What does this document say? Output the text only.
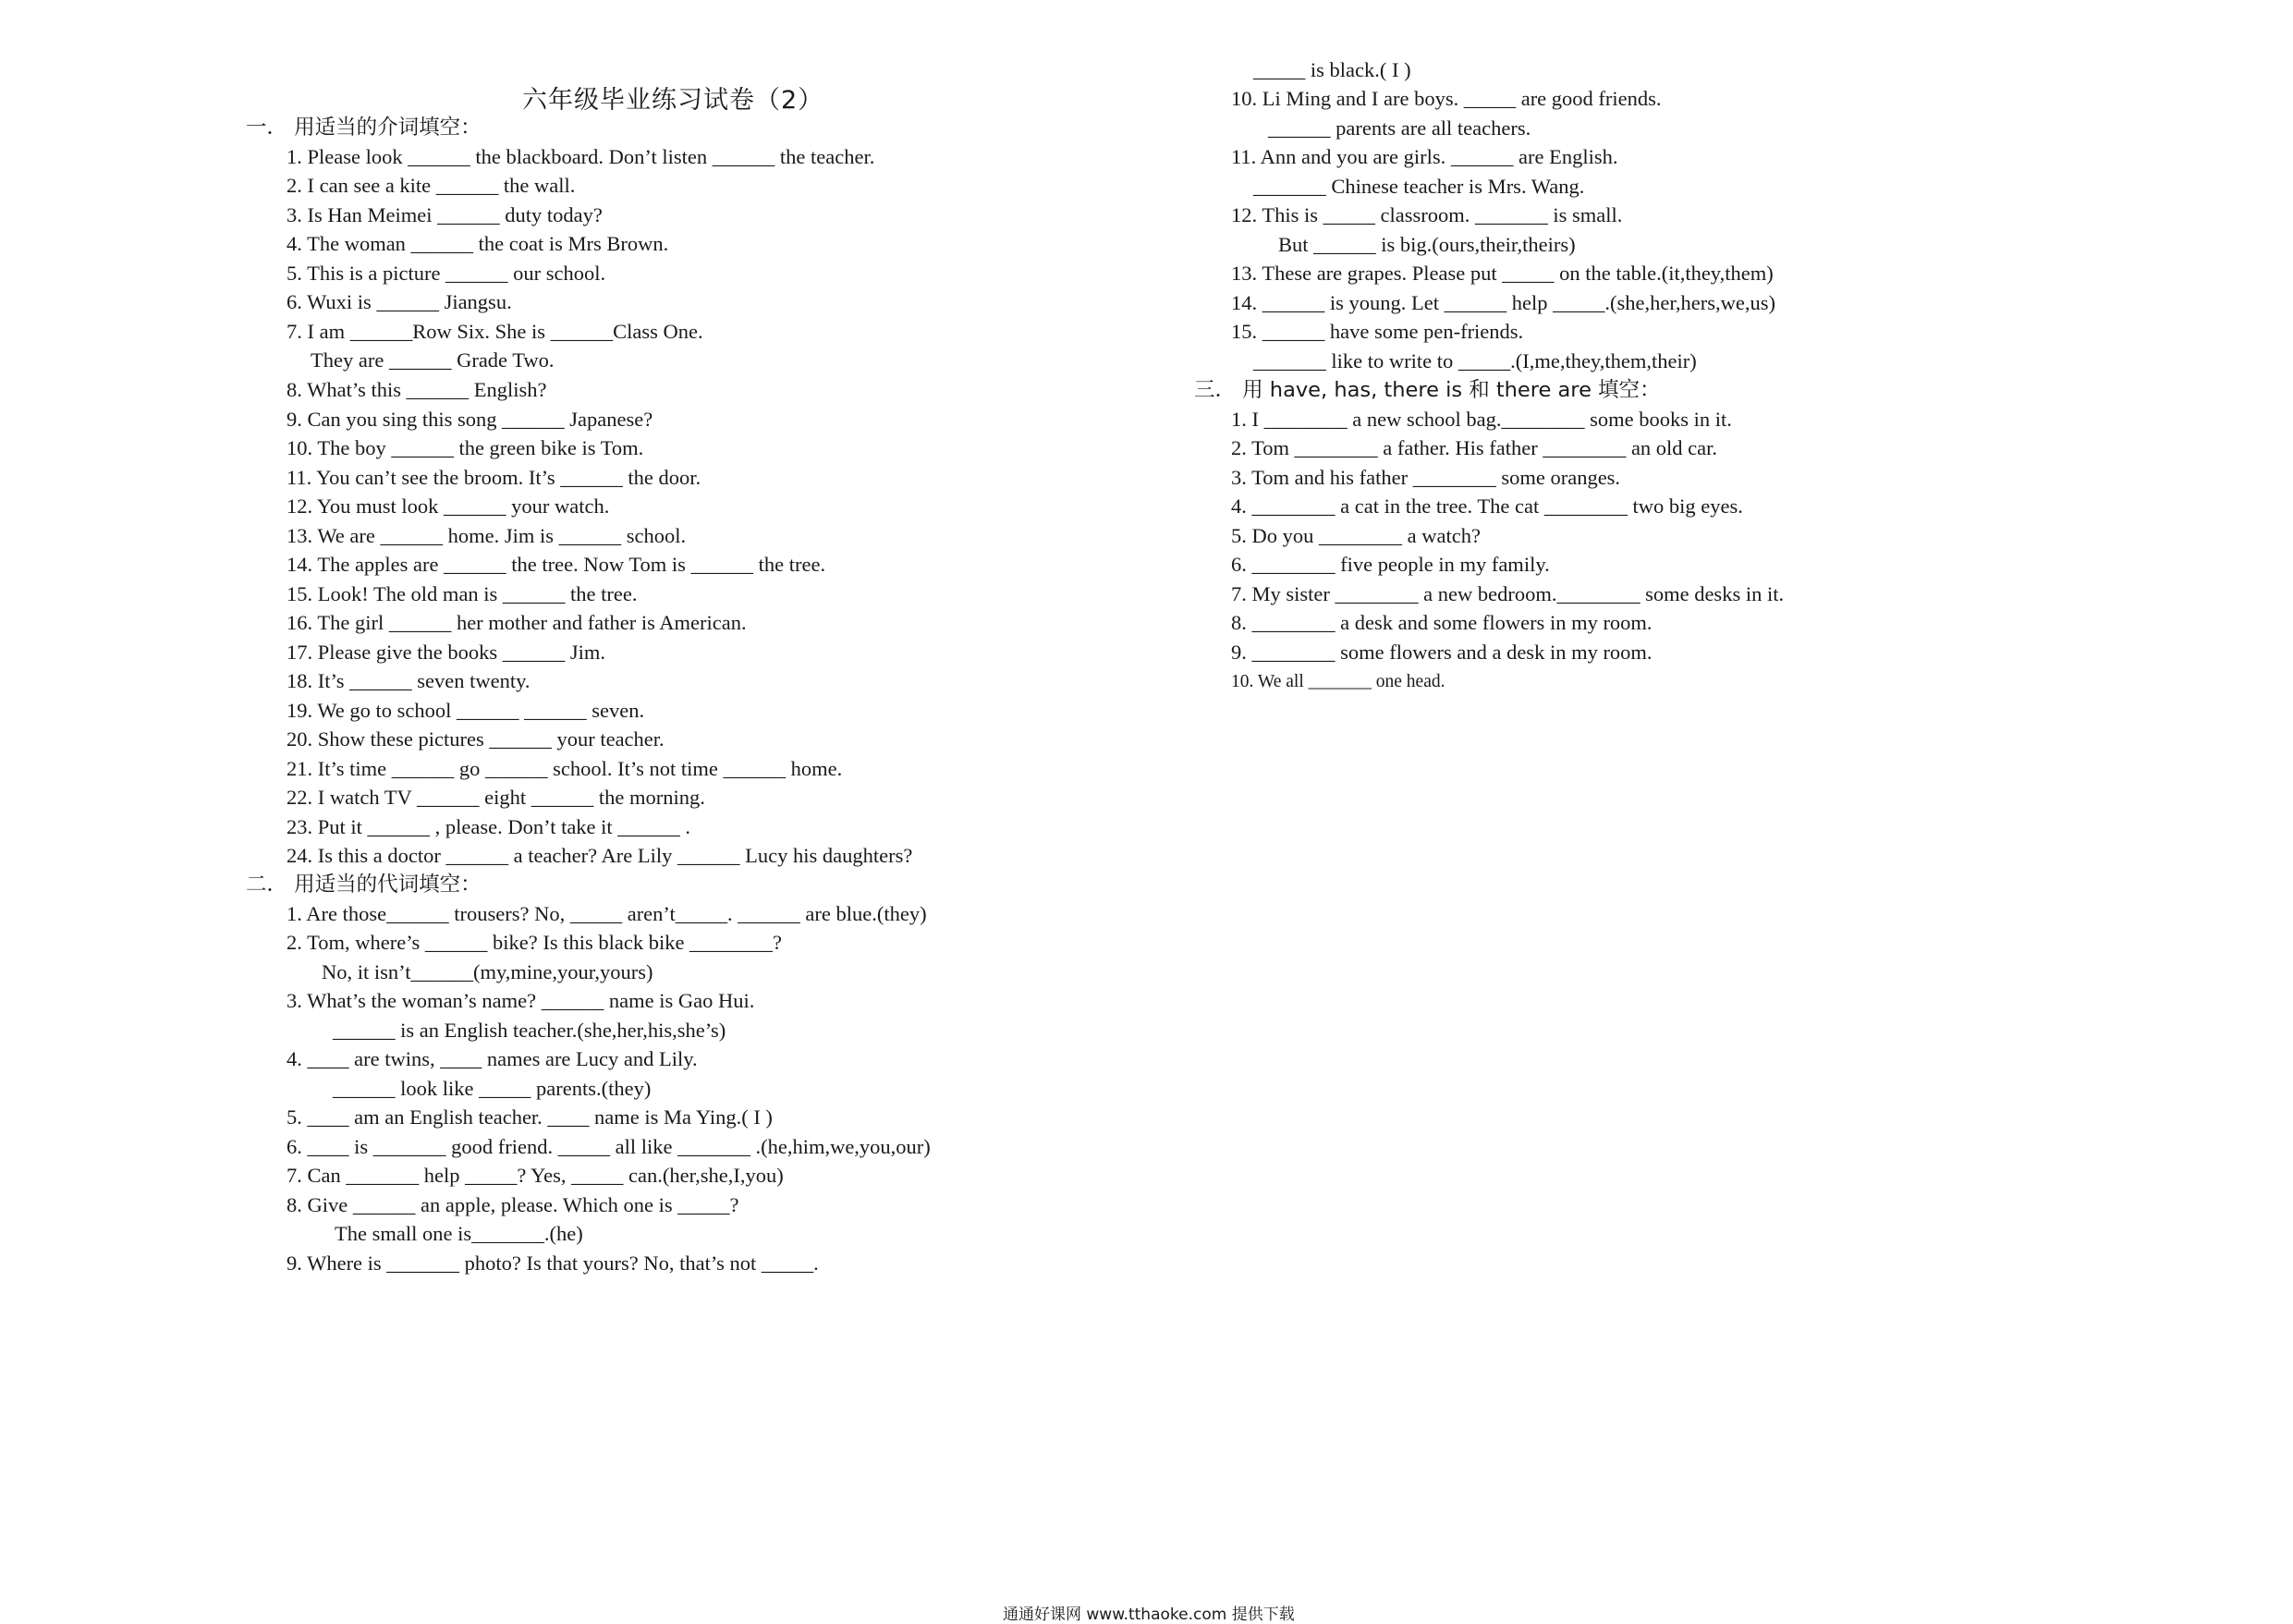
六年级毕业练习试卷（2）
一． 用适当的介词填空：
1. Please look ______ the blackboard. Don’t listen ______ the teacher.
2. I can see a kite ______ the wall.
3. Is Han Meimei ______ duty today?
4. The woman ______ the coat is Mrs Brown.
5. This is a picture ______ our school.
6. Wuxi is ______ Jiangsu.
7. I am ______Row Six. She is ______Class One.
They are ______ Grade Two.
8. What’s this ______ English?
9. Can you sing this song ______ Japanese?
10. The boy ______ the green bike is Tom.
11. You can’t see the broom. It’s ______ the door.
12. You must look ______ your watch.
13. We are ______ home. Jim is ______ school.
14. The apples are ______ the tree. Now Tom is ______ the tree.
15. Look! The old man is ______ the tree.
16. The girl ______ her mother and father is American.
17. Please give the books ______ Jim.
18. It’s ______ seven twenty.
19. We go to school ______ ______ seven.
20. Show these pictures ______ your teacher.
21. It’s time ______ go ______ school. It’s not time ______ home.
22. I watch TV ______ eight ______ the morning.
23. Put it ______ , please. Don’t take it ______ .
24. Is this a doctor ______ a teacher? Are Lily ______ Lucy his daughters?
二． 用适当的代词填空：
1. Are those______ trousers? No, _____ aren’t_____. ______ are blue.(they)
2. Tom, where’s ______ bike? Is this black bike ________?
No, it isn’t______(my,mine,your,yours)
3. What’s the woman’s name? ______ name is Gao Hui.
______ is an English teacher.(she,her,his,she’s)
4. ____ are twins, ____ names are Lucy and Lily.
______ look like _____ parents.(they)
5. ____ am an English teacher. ____ name is Ma Ying.( I )
6. ____ is _______ good friend. _____ all like _______ .(he,him,we,you,our)
7. Can _______ help _____? Yes, _____ can.(her,she,I,you)
8. Give ______ an apple, please. Which one is _____?
The small one is_______.(he)
9. Where is _______ photo? Is that yours? No, that’s not _____.
_____ is black.( I )
10. Li Ming and I are boys. _____ are good friends.
______ parents are all teachers.
11. Ann and you are girls. ______ are English.
_______ Chinese teacher is Mrs. Wang.
12. This is _____ classroom. _______ is small.
But ______ is big.(ours,their,theirs)
13. These are grapes. Please put _____ on the table.(it,they,them)
14. ______ is young. Let ______ help _____.(she,her,hers,we,us)
15. ______ have some pen-friends.
_______ like to write to _____.(I,me,they,them,their)
三． 用 have, has, there is 和 there are 填空：
1. I ________ a new school bag.________ some books in it.
2. Tom ________ a father. His father ________ an old car.
3. Tom and his father ________ some oranges.
4. ________ a cat in the tree. The cat ________ two big eyes.
5. Do you ________ a watch?
6. ________ five people in my family.
7. My sister ________ a new bedroom.________ some desks in it.
8. ________ a desk and some flowers in my room.
9. ________ some flowers and a desk in my room.
10. We all _______ one head.
通通好课网 www.tthaoke.com 提供下载
